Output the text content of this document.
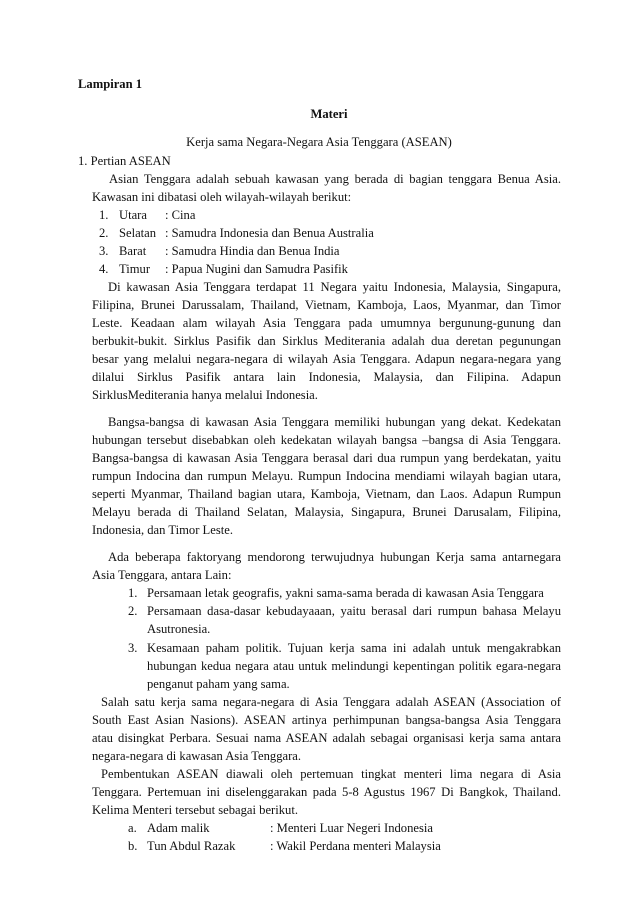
Lampiran 1
Materi
Kerja sama Negara-Negara Asia Tenggara (ASEAN)
1. Pertian ASEAN
Asian Tenggara adalah sebuah kawasan yang berada di bagian tenggara Benua Asia.
Kawasan ini dibatasi oleh wilayah-wilayah berikut:
1. Utara : Cina
2. Selatan : Samudra Indonesia dan Benua Australia
3. Barat : Samudra Hindia dan Benua India
4. Timur : Papua Nugini dan Samudra Pasifik
Di kawasan Asia Tenggara terdapat 11 Negara yaitu Indonesia, Malaysia, Singapura,
Filipina, Brunei Darussalam, Thailand, Vietnam, Kamboja, Laos, Myanmar, dan Timor
Leste. Keadaan alam wilayah Asia Tenggara pada umumnya bergunung-gunung dan
berbukit-bukit. Sirklus Pasifik dan Sirklus Mediterania adalah dua deretan pegunungan
besar yang melalui negara-negara di wilayah Asia Tenggara. Adapun negara-negara yang
dilalui Sirklus Pasifik antara lain Indonesia, Malaysia, dan Filipina. Adapun
SirklusMediterania hanya melalui Indonesia.
Bangsa-bangsa di kawasan Asia Tenggara memiliki hubungan yang dekat. Kedekatan
hubungan tersebut disebabkan oleh kedekatan wilayah bangsa –bangsa di Asia Tenggara.
Bangsa-bangsa di kawasan Asia Tenggara berasal dari dua rumpun yang berdekatan, yaitu
rumpun Indocina dan rumpun Melayu. Rumpun Indocina mendiami wilayah bagian utara,
seperti Myanmar, Thailand bagian utara, Kamboja, Vietnam, dan Laos. Adapun Rumpun
Melayu berada di Thailand Selatan, Malaysia, Singapura, Brunei Darusalam, Filipina,
Indonesia, dan Timor Leste.
Ada beberapa faktoryang mendorong terwujudnya hubungan Kerja sama antarnegara
Asia Tenggara, antara Lain:
1. Persamaan letak geografis, yakni sama-sama berada di kawasan Asia Tenggara
2. Persamaan dasa-dasar kebudayaaan, yaitu berasal dari rumpun bahasa Melayu
Asutronesia.
3. Kesamaan paham politik. Tujuan kerja sama ini adalah untuk mengakrabkan
hubungan kedua negara atau untuk melindungi kepentingan politik egara-negara
penganut paham yang sama.
Salah satu kerja sama negara-negara di Asia Tenggara adalah ASEAN (Association of
South East Asian Nasions). ASEAN artinya perhimpunan bangsa-bangsa Asia Tenggara
atau disingkat Perbara. Sesuai nama ASEAN adalah sebagai organisasi kerja sama antara
negara-negara di kawasan Asia Tenggara.
Pembentukan ASEAN diawali oleh pertemuan tingkat menteri lima negara di Asia
Tenggara. Pertemuan ini diselenggarakan pada 5-8 Agustus 1967 Di Bangkok, Thailand.
Kelima Menteri tersebut sebagai berikut.
a. Adam malik	: Menteri Luar Negeri Indonesia
b. Tun Abdul Razak	: Wakil Perdana menteri Malaysia
